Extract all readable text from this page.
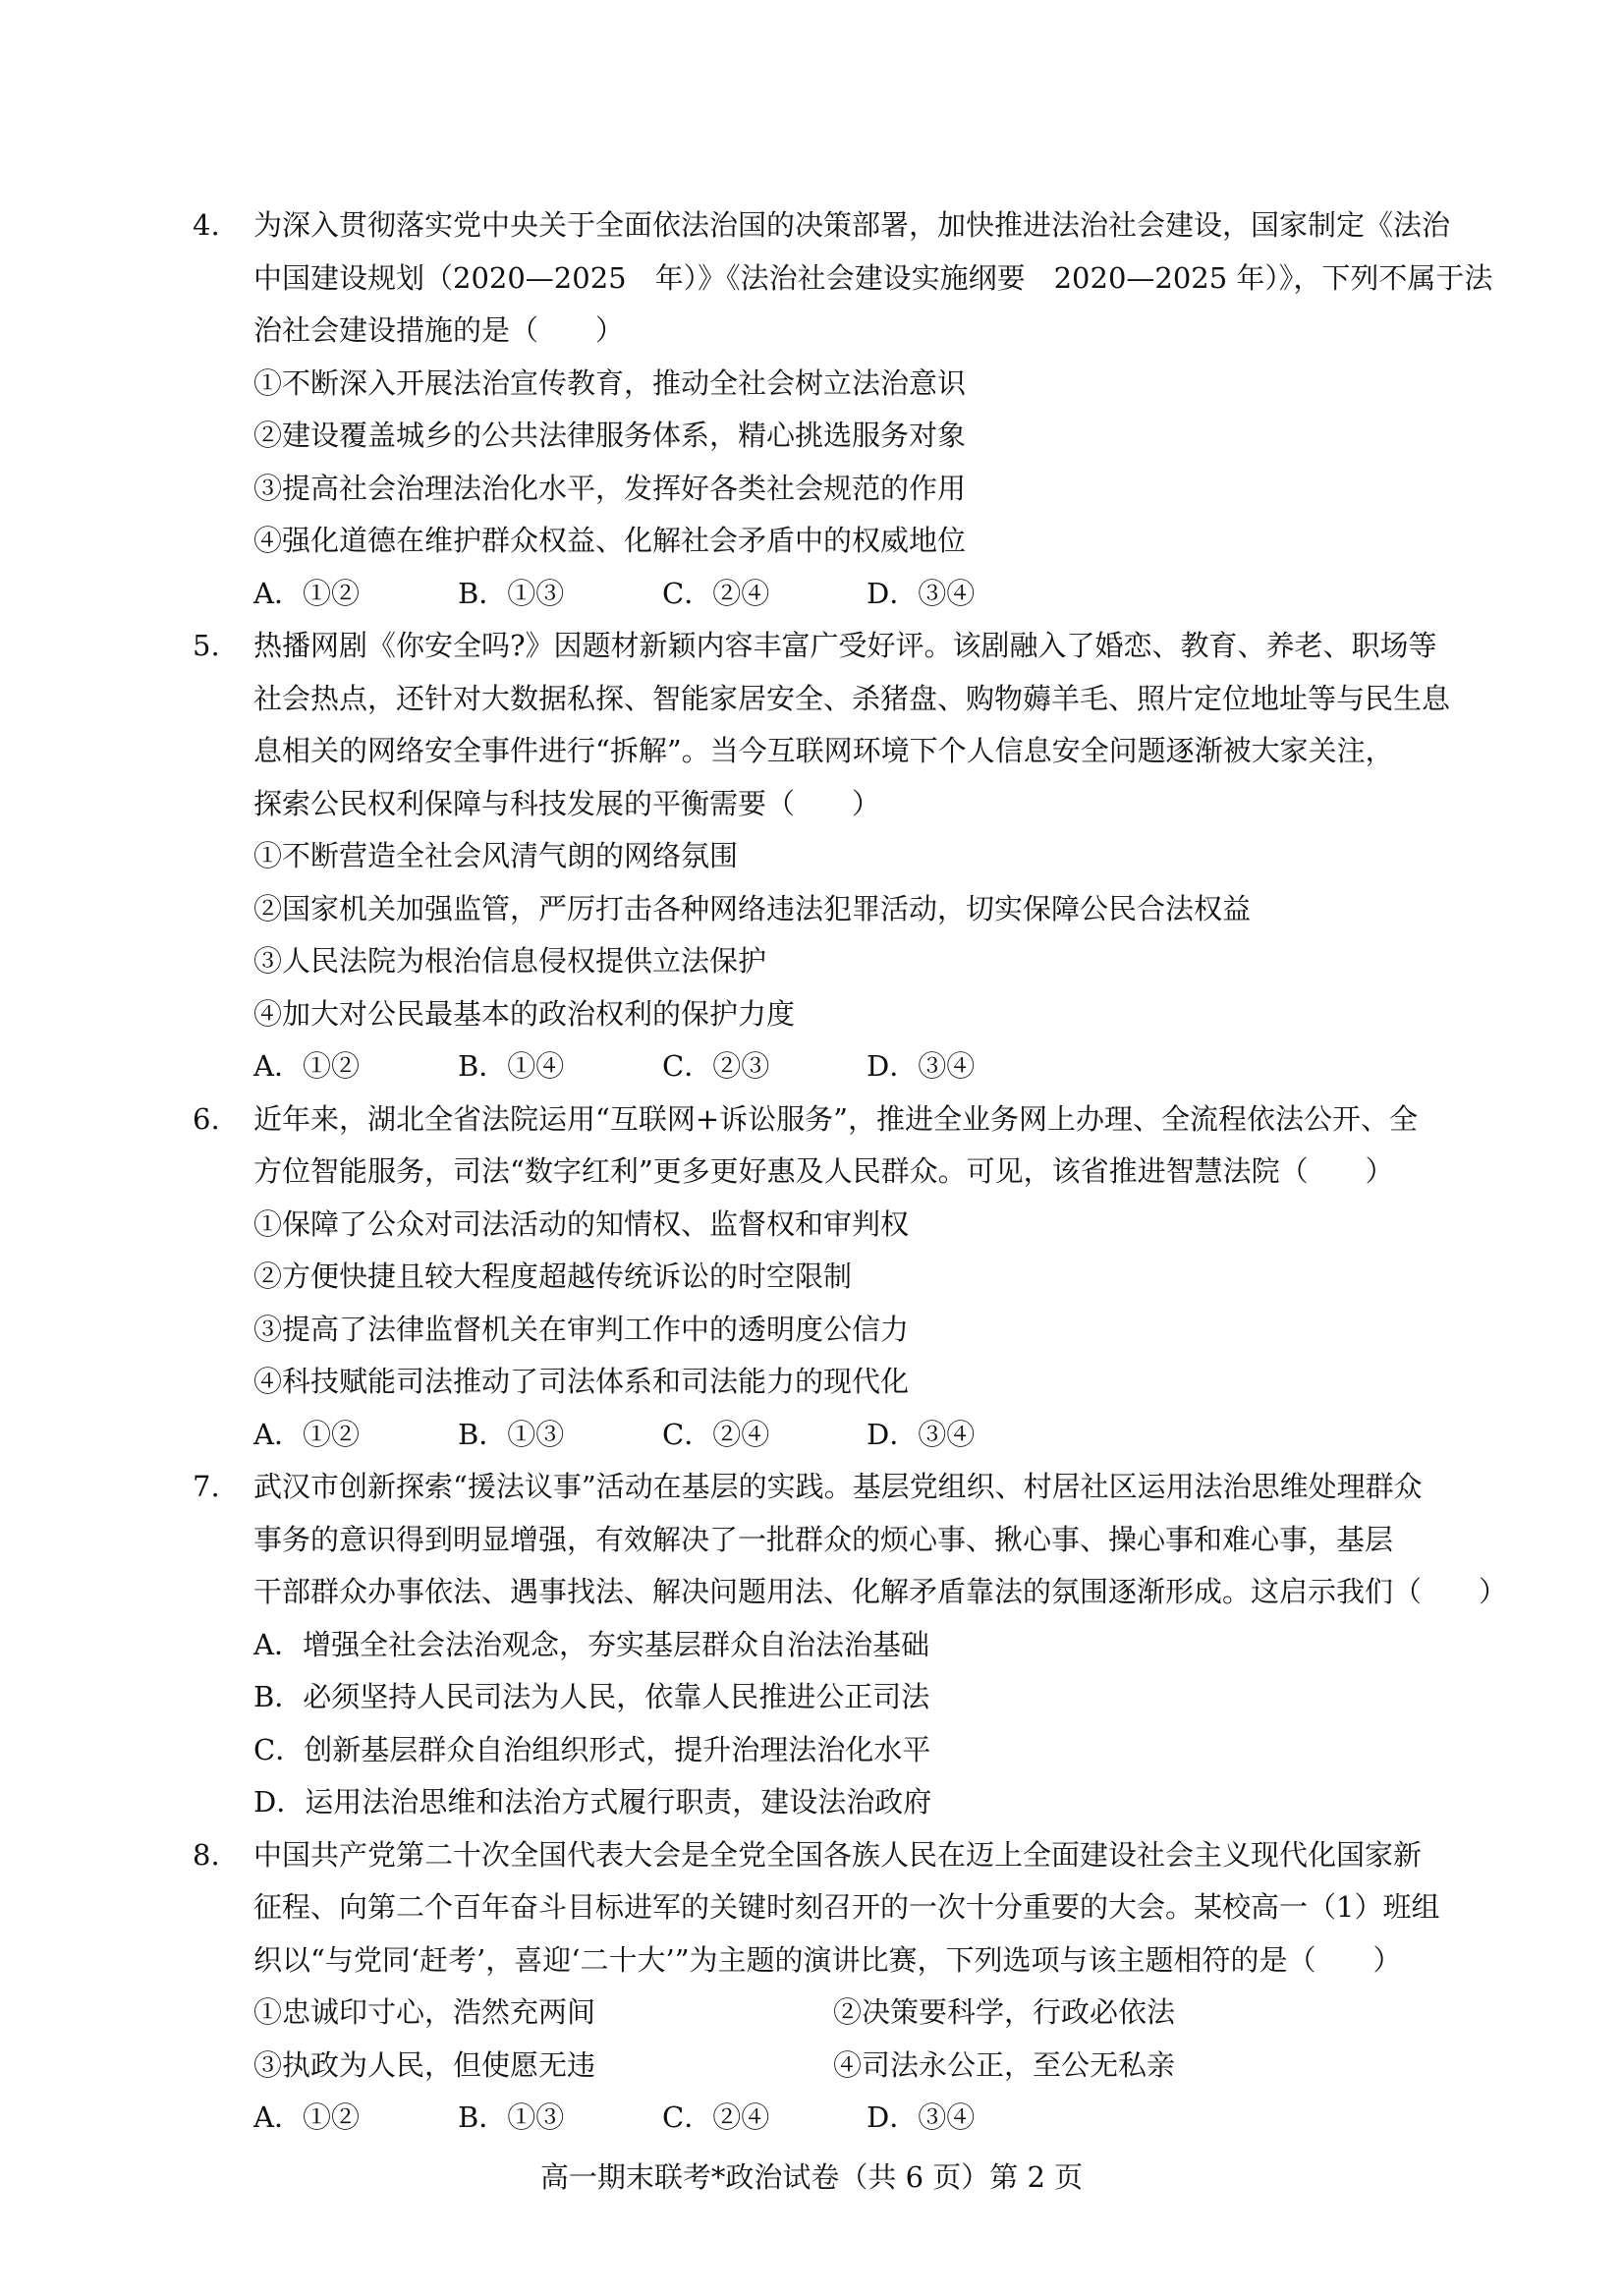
4. 为深入贯彻落实党中央关于全面依法治国的决策部署，加快推进法治社会建设，国家制定《法治
中国建设规划（2020—2025　年）》《法治社会建设实施纲要　2020—2025 年）》，下列不属于法
治社会建设措施的是（　　）
①不断深入开展法治宣传教育，推动全社会树立法治意识
②建设覆盖城乡的公共法律服务体系，精心挑选服务对象
③提高社会治理法治化水平，发挥好各类社会规范的作用
④强化道德在维护群众权益、化解社会矛盾中的权威地位
A．①②	B．①③	C．②④	D．③④
5. 热播网剧《你安全吗?》因题材新颖内容丰富广受好评。该剧融入了婚恋、教育、养老、职场等
社会热点，还针对大数据私探、智能家居安全、杀猪盘、购物薅羊毛、照片定位地址等与民生息
息相关的网络安全事件进行“拆解”。当今互联网环境下个人信息安全问题逐渐被大家关注，
探索公民权利保障与科技发展的平衡需要（　　）
①不断营造全社会风清气朗的网络氛围
②国家机关加强监管，严厉打击各种网络违法犯罪活动，切实保障公民合法权益
③人民法院为根治信息侵权提供立法保护
④加大对公民最基本的政治权利的保护力度
A．①②	B．①④	C．②③	D．③④
6. 近年来，湖北全省法院运用“互联网+诉讼服务”，推进全业务网上办理、全流程依法公开、全
方位智能服务，司法“数字红利”更多更好惠及人民群众。可见，该省推进智慧法院（　　）
①保障了公众对司法活动的知情权、监督权和审判权
②方便快捷且较大程度超越传统诉讼的时空限制
③提高了法律监督机关在审判工作中的透明度公信力
④科技赋能司法推动了司法体系和司法能力的现代化
A．①②	B．①③	C．②④	D．③④
7. 武汉市创新探索“援法议事”活动在基层的实践。基层党组织、村居社区运用法治思维处理群众
事务的意识得到明显增强，有效解决了一批群众的烦心事、揪心事、操心事和难心事，基层
干部群众办事依法、遇事找法、解决问题用法、化解矛盾靠法的氛围逐渐形成。这启示我们（　　）
A．增强全社会法治观念，夯实基层群众自治法治基础
B．必须坚持人民司法为人民，依靠人民推进公正司法
C．创新基层群众自治组织形式，提升治理法治化水平
D．运用法治思维和法治方式履行职责，建设法治政府
8. 中国共产党第二十次全国代表大会是全党全国各族人民在迈上全面建设社会主义现代化国家新
征程、向第二个百年奋斗目标进军的关键时刻召开的一次十分重要的大会。某校高一（1）班组
织以“与党同‘赶考’，喜迎‘二十大’”为主题的演讲比赛，下列选项与该主题相符的是（　　）
①忠诚印寸心，浩然充两间	②决策要科学，行政必依法
③执政为人民，但使愿无违	④司法永公正，至公无私亲
A．①②	B．①③	C．②④	D．③④
高一期末联考*政治试卷（共 6 页）第 2 页
